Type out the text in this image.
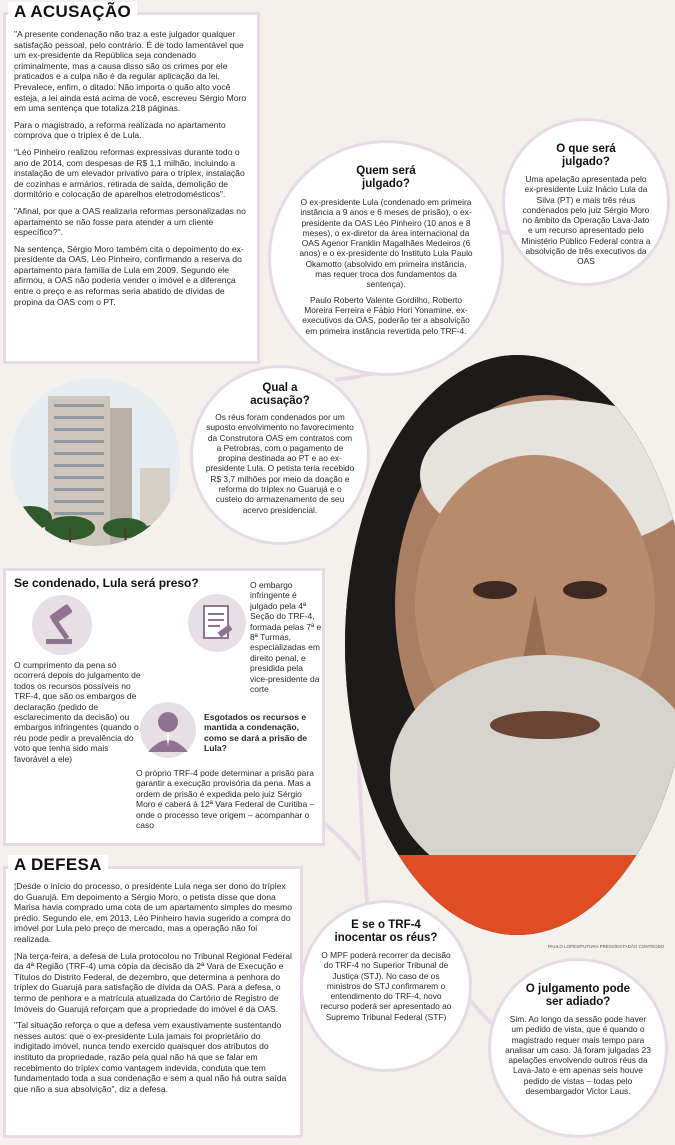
"A presente condenação não traz a este julgador qualquer satisfação pessoal, pelo contrário. É de todo lamentável que um ex-presidente da República seja condenado criminalmente, mas a causa disso são os crimes por ele praticados e a culpa não é da regular aplicação da lei. Prevalece, enfim, o ditado: Não importa o quão alto você esteja, a lei ainda está acima de você, escreveu Sérgio Moro em uma sentença que totaliza 218 páginas.

Para o magistrado, a reforma realizada no apartamento comprova que o tríplex é de Lula.

"Léo Pinheiro realizou reformas expressivas durante todo o ano de 2014, com despesas de R$ 1,1 milhão, incluindo a instalação de um elevador privativo para o tríplex, instalação de cozinhas e armários, retirada de saída, demolição de dormitório e colocação de aparelhos eletrodomésticos".

"Afinal, por que a OAS realizaria reformas personalizadas no apartamento se não fosse para atender a um cliente específico?".

Na sentença, Sérgio Moro também cita o depoimento do ex-presidente da OAS, Léo Pinheiro, confirmando a reserva do apartamento para família de Lula em 2009. Segundo ele afirmou, a OAS não poderia vender o imóvel e a diferença entre o preço e as reformas seria abatido de dívidas de propina da OAS com o PT.

A ACUSAÇÃO
PAULO LOPES/FUTURA PRESS/ESTADÃO CONTEÚDO
Quem será julgado?
O ex-presidente Lula (condenado em primeira instância a 9 anos e 6 meses de prisão), o ex-presidente da OAS Léo Pinheiro (10 anos e 8 meses), o ex-diretor da área internacional da OAS Agenor Franklin Magalhães Medeiros (6 anos) e o ex-presidente do Instituto Lula Paulo Okamotto (absolvido em primeira instância, mas requer troca dos fundamentos da sentença).
Paulo Roberto Valente Gordilho, Roberto Moreira Ferreira e Fábio Hori Yonamine, ex-executivos da OAS, poderão ter a absolvição em primeira instância revertida pelo TRF-4.
O que será julgado?
Uma apelação apresentada pelo ex-presidente Luiz Inácio Lula da Silva (PT) e mais três réus condenados pelo juiz Sérgio Moro no âmbito da Operação Lava-Jato e um recurso apresentado pelo Ministério Público Federal contra a absolvição de três executivos da OAS
Qual a acusação?
Os réus foram condenados por um suposto envolvimento no favorecimento da Construtora OAS em contratos com a Petrobras, com o pagamento de propina destinada ao PT e ao ex-presidente Lula. O petista teria recebido R$ 3,7 milhões por meio da doação e reforma do tríplex no Guarujá e o custeio do armazenamento de seu acervo presidencial.
Se condenado, Lula será preso?
O cumprimento da pena só ocorrerá depois do julgamento de todos os recursos possíveis no TRF-4, que são os embargos de declaração (pedido de esclarecimento da decisão) ou embargos infringentes (quando o réu pode pedir a prevalência do voto que tenha sido mais favorável a ele)
O embargo infringente é julgado pela 4ª Seção do TRF-4, formada pelas 7ª e 8ª Turmas, especializadas em direito penal, e presidida pela vice-presidente da corte
Esgotados os recursos e mantida a condenação, como se dará a prisão de Lula?
O próprio TRF-4 pode determinar a prisão para garantir a execução provisória da pena. Mas a ordem de prisão é expedida pelo juiz Sérgio Moro e caberá à 12ª Vara Federal de Curitiba – onde o processo teve origem – acompanhar o caso

¦Desde o início do processo, o presidente Lula nega ser dono do tríplex do Guarujá. Em depoimento a Sérgio Moro, o petista disse que dona Marisa havia comprado uma cota de um apartamento simples do mesmo prédio. Segundo ele, em 2013, Léo Pinheiro havia sugerido a compra do imóvel por Lula pelo preço de mercado, mas a operação não foi realizada.

¦Na terça-feira, a defesa de Lula protocolou no Tribunal Regional Federal da 4ª Região (TRF-4) uma cópia da decisão da 2ª Vara de Execução e Títulos do Distrito Federal, de dezembro, que determina a penhora do tríplex do Guarujá para satisfação de dívida da OAS. Para a defesa, o termo de penhora e a matrícula atualizada do Cartório de Registro de Imóveis do Guarujá reforçam que a propriedade do imóvel é da OAS.

"Tal situação reforça o que a defesa vem exaustivamente sustentando nesses autos: que o ex-presidente Lula jamais foi proprietário do indigitado imóvel, nunca tendo exercido quaisquer dos atributos do instituto da propriedade, razão pela qual não há que se falar em recebimento do tríplex como vantagem indevida, conduta que tem fundamentado toda a sua condenação e sem a qual não há outra saída que não a sua absolvição", diz a defesa.

A DEFESA
E se o TRF-4 inocentar os réus?
O MPF poderá recorrer da decisão do TRF-4 no Superior Tribunal de Justiça (STJ). No caso de os ministros do STJ confirmarem o entendimento do TRF-4, novo recurso poderá ser apresentado ao Supremo Tribunal Federal (STF)
O julgamento pode ser adiado?
Sim. Ao longo da sessão pode haver um pedido de vista, que é quando o magistrado requer mais tempo para analisar um caso. Já foram julgadas 23 apelações envolvendo outros réus da Lava-Jato e em apenas seis houve pedido de vistas – todas pelo desembargador Victor Laus.
